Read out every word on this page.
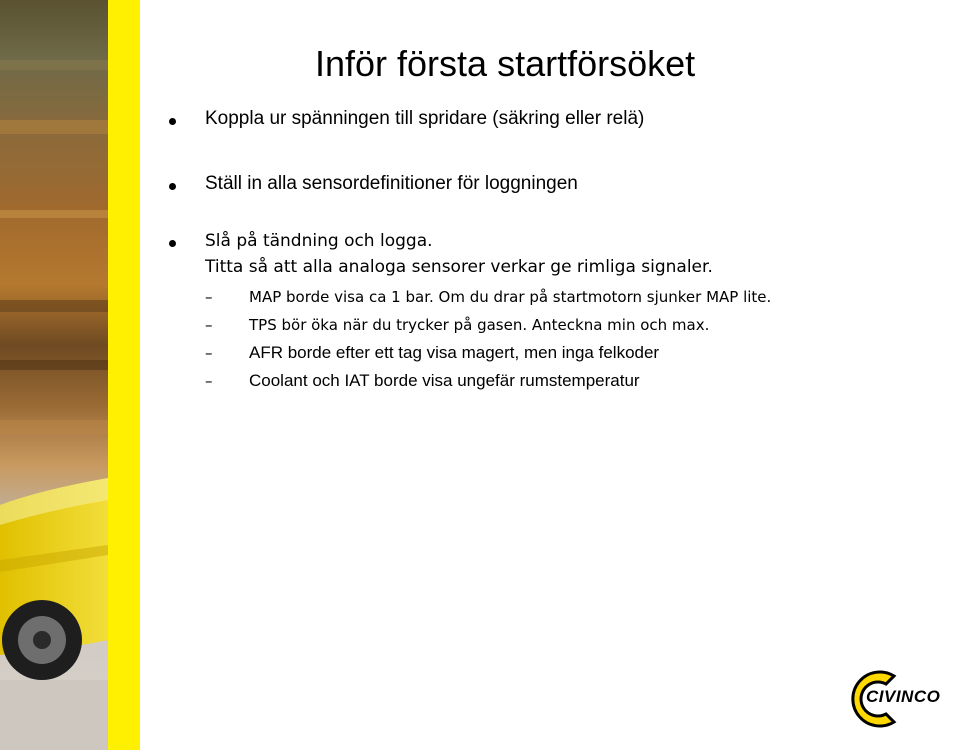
Inför första startförsöket
Koppla ur spänningen till spridare (säkring eller relä)
Ställ in alla sensordefinitioner för loggningen
Slå på tändning och logga.
Titta så att alla analoga sensorer verkar ge rimliga signaler.
– MAP borde visa ca 1 bar. Om du drar på startmotorn sjunker MAP lite.
– TPS bör öka när du trycker på gasen. Anteckna min och max.
– AFR borde efter ett tag visa magert, men inga felkoder
– Coolant och IAT borde visa ungefär rumstemperatur
CIVINCO
